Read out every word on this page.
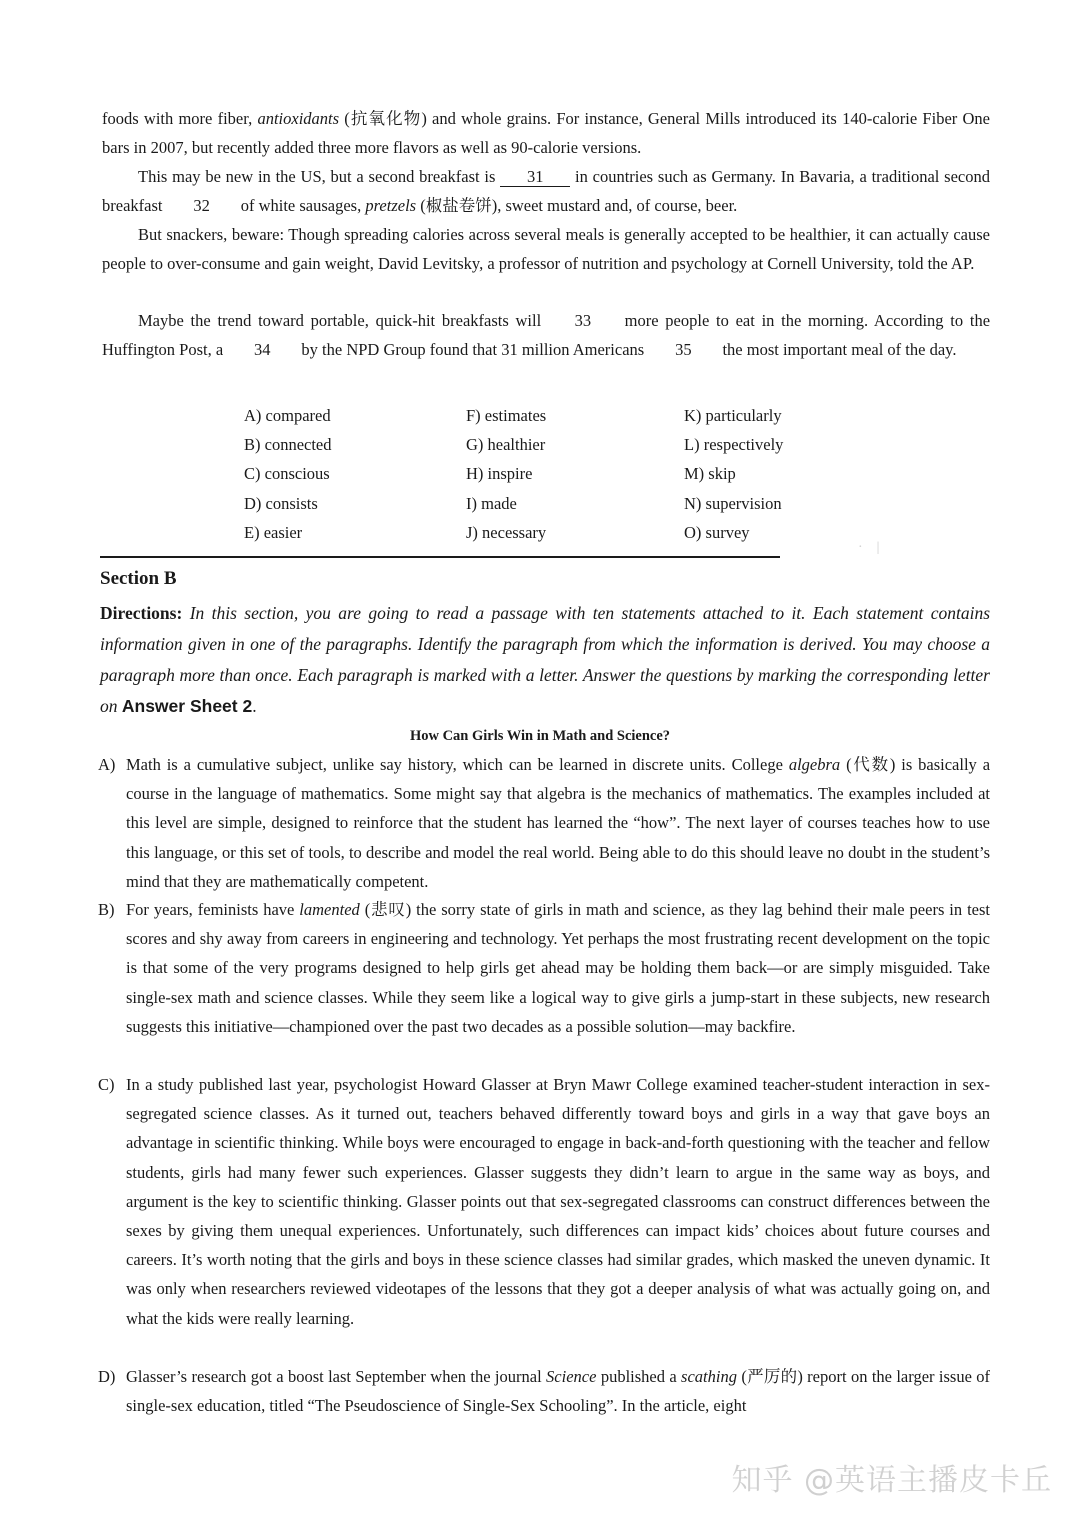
foods with more fiber, antioxidants (抗氧化物) and whole grains. For instance, General Mills introduced its 140-calorie Fiber One bars in 2007, but recently added three more flavors as well as 90-calorie versions.

This may be new in the US, but a second breakfast is 31 in countries such as Germany. In Bavaria, a traditional second breakfast 32 of white sausages, pretzels (椒盐卷饼), sweet mustard and, of course, beer.

But snackers, beware: Though spreading calories across several meals is generally accepted to be healthier, it can actually cause people to over-consume and gain weight, David Levitsky, a professor of nutrition and psychology at Cornell University, told the AP.

Maybe the trend toward portable, quick-hit breakfasts will 33 more people to eat in the morning. According to the Huffington Post, a 34 by the NPD Group found that 31 million Americans 35 the most important meal of the day.

A) compared	F) estimates	K) particularly
B) connected	G) healthier	L) respectively
C) conscious	H) inspire	M) skip
D) consists	I) made	N) supervision
E) easier	J) necessary	O) survey
·    |
Section B

Directions: In this section, you are going to read a passage with ten statements attached to it. Each statement contains information given in one of the paragraphs. Identify the paragraph from which the information is derived. You may choose a paragraph more than once. Each paragraph is marked with a letter. Answer the questions by marking the corresponding letter on Answer Sheet 2.

How Can Girls Win in Math and Science?
A) Math is a cumulative subject, unlike say history, which can be learned in discrete units. College algebra (代数) is basically a course in the language of mathematics. Some might say that algebra is the mechanics of mathematics. The examples included at this level are simple, designed to reinforce that the student has learned the “how”. The next layer of courses teaches how to use this language, or this set of tools, to describe and model the real world. Being able to do this should leave no doubt in the student’s mind that they are mathematically competent.
B) For years, feminists have lamented (悲叹) the sorry state of girls in math and science, as they lag behind their male peers in test scores and shy away from careers in engineering and technology. Yet perhaps the most frustrating recent development on the topic is that some of the very programs designed to help girls get ahead may be holding them back—or are simply misguided. Take single-sex math and science classes. While they seem like a logical way to give girls a jump-start in these subjects, new research suggests this initiative—championed over the past two decades as a possible solution—may backfire.
C) In a study published last year, psychologist Howard Glasser at Bryn Mawr College examined teacher-student interaction in sex-segregated science classes. As it turned out, teachers behaved differently toward boys and girls in a way that gave boys an advantage in scientific thinking. While boys were encouraged to engage in back-and-forth questioning with the teacher and fellow students, girls had many fewer such experiences. Glasser suggests they didn’t learn to argue in the same way as boys, and argument is the key to scientific thinking. Glasser points out that sex-segregated classrooms can construct differences between the sexes by giving them unequal experiences. Unfortunately, such differences can impact kids’ choices about future courses and careers. It’s worth noting that the girls and boys in these science classes had similar grades, which masked the uneven dynamic. It was only when researchers reviewed videotapes of the lessons that they got a deeper analysis of what was actually going on, and what the kids were really learning.
D) Glasser’s research got a boost last September when the journal Science published a scathing (严厉的) report on the larger issue of single-sex education, titled “The Pseudoscience of Single-Sex Schooling”. In the article, eight
知乎 @英语主播皮卡丘
